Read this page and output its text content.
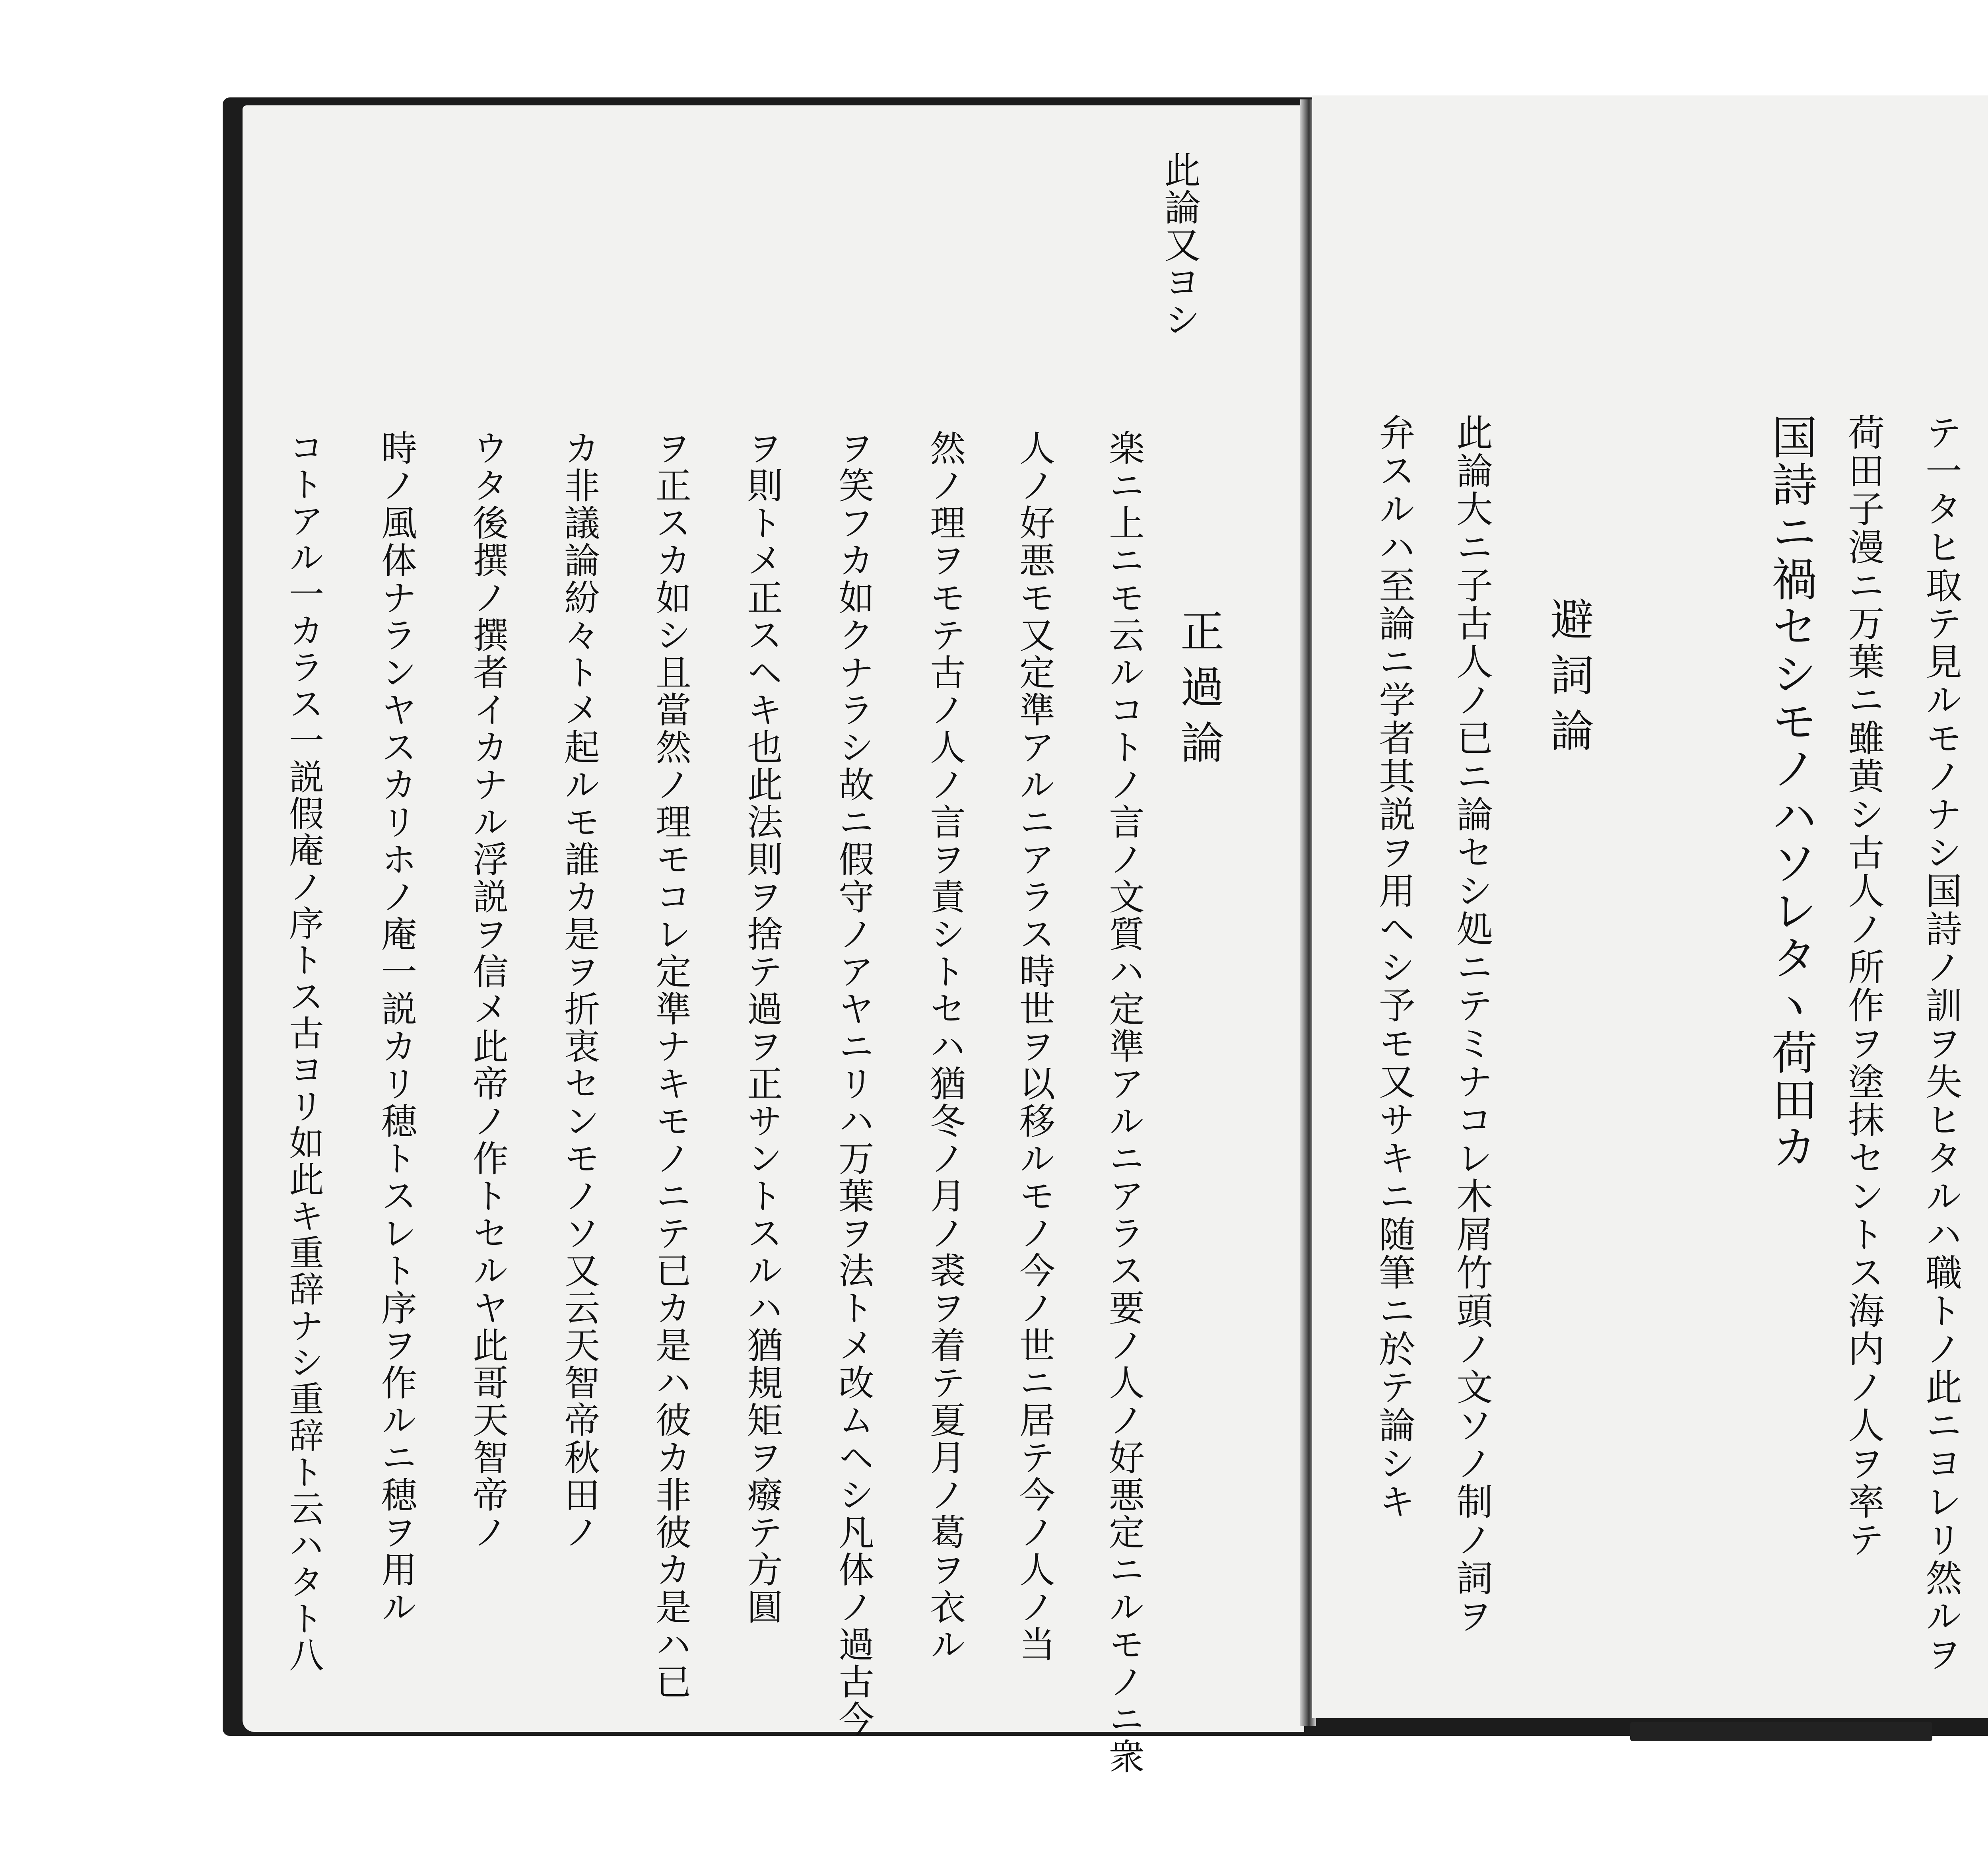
テ一タヒ取テ見ルモノナシ国詩ノ訓ヲ失ヒタルハ職トノ此ニヨレリ然ルヲ
荷田子漫ニ万葉ニ雖黄シ古人ノ所作ヲ塗抹セントス海内ノ人ヲ率テ
国詩ニ禍セシモノハソレタヽ荷田カ
避詞論
此論大ニ子古人ノ已ニ論セシ処ニテミナコレ木屑竹頭ノ文ソノ制ノ詞ヲ
弁スルハ至論ニ学者其説ヲ用ヘシ予モ又サキニ随筆ニ於テ論シキ
此論又ヨシ
正過論
楽ニ上ニモ云ルコトノ言ノ文質ハ定準アルニアラス要ノ人ノ好悪定ニルモノニ衆
人ノ好悪モ又定準アルニアラス時世ヲ以移ルモノ今ノ世ニ居テ今ノ人ノ当
然ノ理ヲモテ古ノ人ノ言ヲ責シトセハ猶冬ノ月ノ裘ヲ着テ夏月ノ葛ヲ衣ル
ヲ笑フカ如クナラシ故ニ假守ノアヤニリハ万葉ヲ法トメ改ムヘシ凡体ノ過古今
ヲ則トメ正スヘキ也此法則ヲ捨テ過ヲ正サントスルハ猶規矩ヲ癈テ方圓
ヲ正スカ如シ且當然ノ理モコレ定準ナキモノニテ已カ是ハ彼カ非彼カ是ハ已
カ非議論紛々トメ起ルモ誰カ是ヲ折衷センモノソ又云天智帝秋田ノ
ウタ後撰ノ撰者イカナル浮説ヲ信メ此帝ノ作トセルヤ此哥天智帝ノ
時ノ風体ナランヤスカリホノ庵一説カリ穂トスレト序ヲ作ルニ穂ヲ用ル
コトアル一カラス一説假庵ノ序トス古ヨリ如此キ重辞ナシ重辞ト云ハタト八
